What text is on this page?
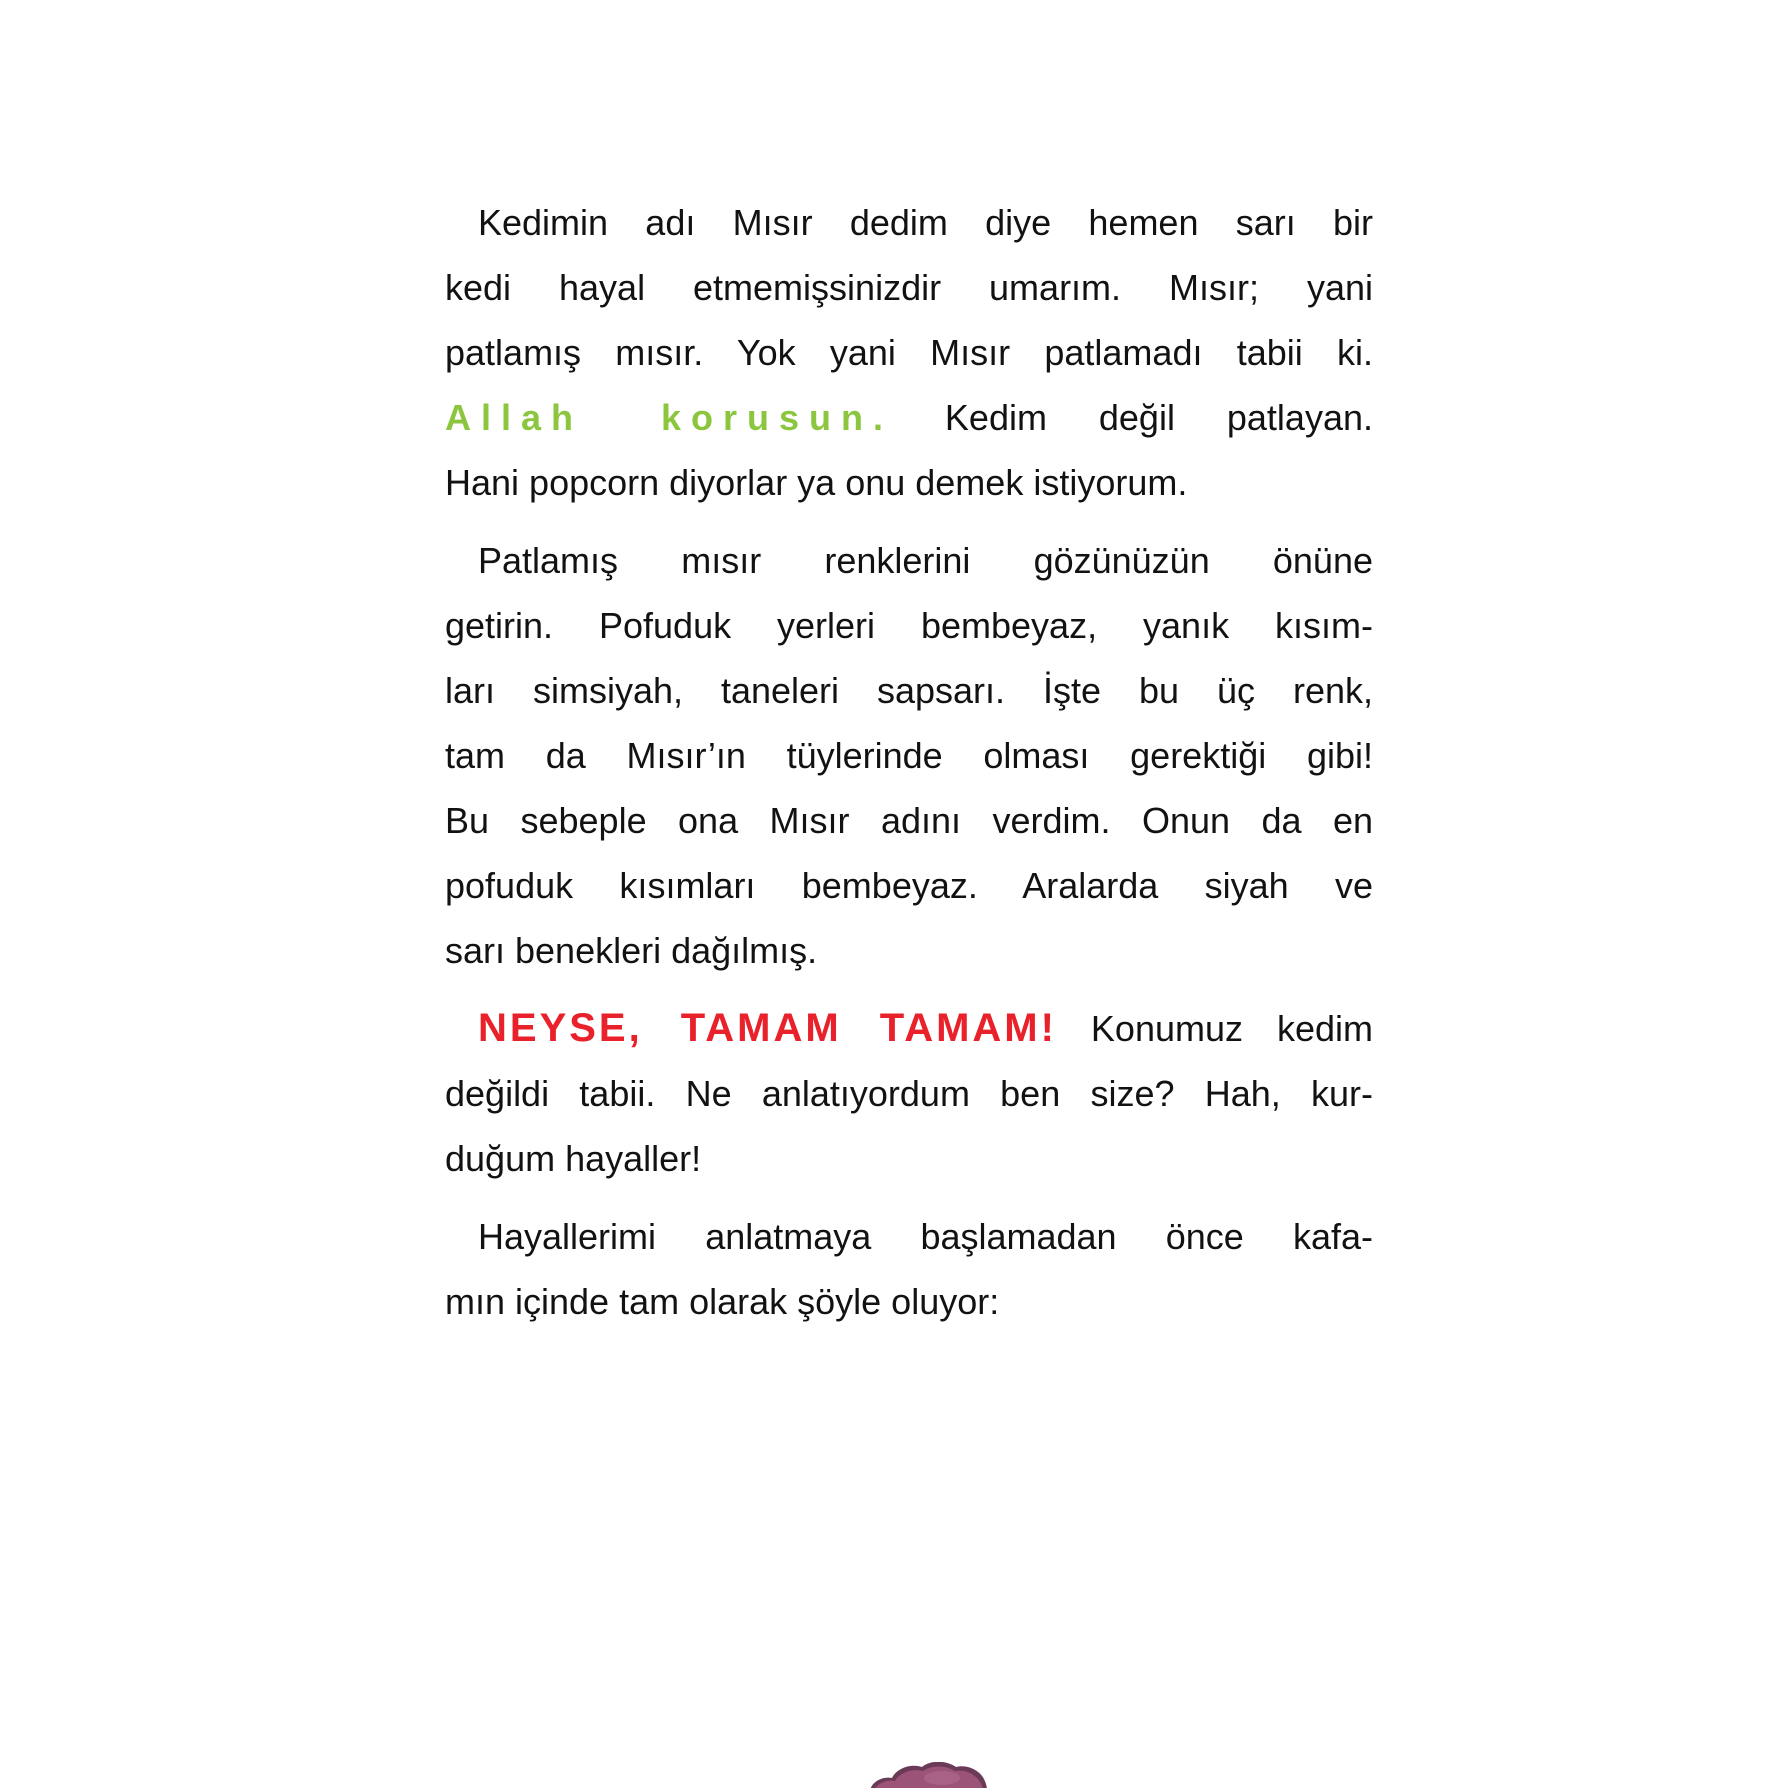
Kedimin adı Mısır dedim diye hemen sarı bir
kedi hayal etmemişsinizdir umarım. Mısır; yani
patlamış mısır. Yok yani Mısır patlamadı tabii ki.
Allah korusun. Kedim değil patlayan.
Hani popcorn diyorlar ya onu demek istiyorum.
Patlamış mısır renklerini gözünüzün önüne
getirin. Pofuduk yerleri bembeyaz, yanık kısım-
ları simsiyah, taneleri sapsarı. İşte bu üç renk,
tam da Mısır’ın tüylerinde olması gerektiği gibi!
Bu sebeple ona Mısır adını verdim. Onun da en
pofuduk kısımları bembeyaz. Aralarda siyah ve
sarı benekleri dağılmış.
NEYSE, TAMAM TAMAM! Konumuz kedim
değildi tabii. Ne anlatıyordum ben size? Hah, kur-
duğum hayaller!
Hayallerimi anlatmaya başlamadan önce kafa-
mın içinde tam olarak şöyle oluyor:
